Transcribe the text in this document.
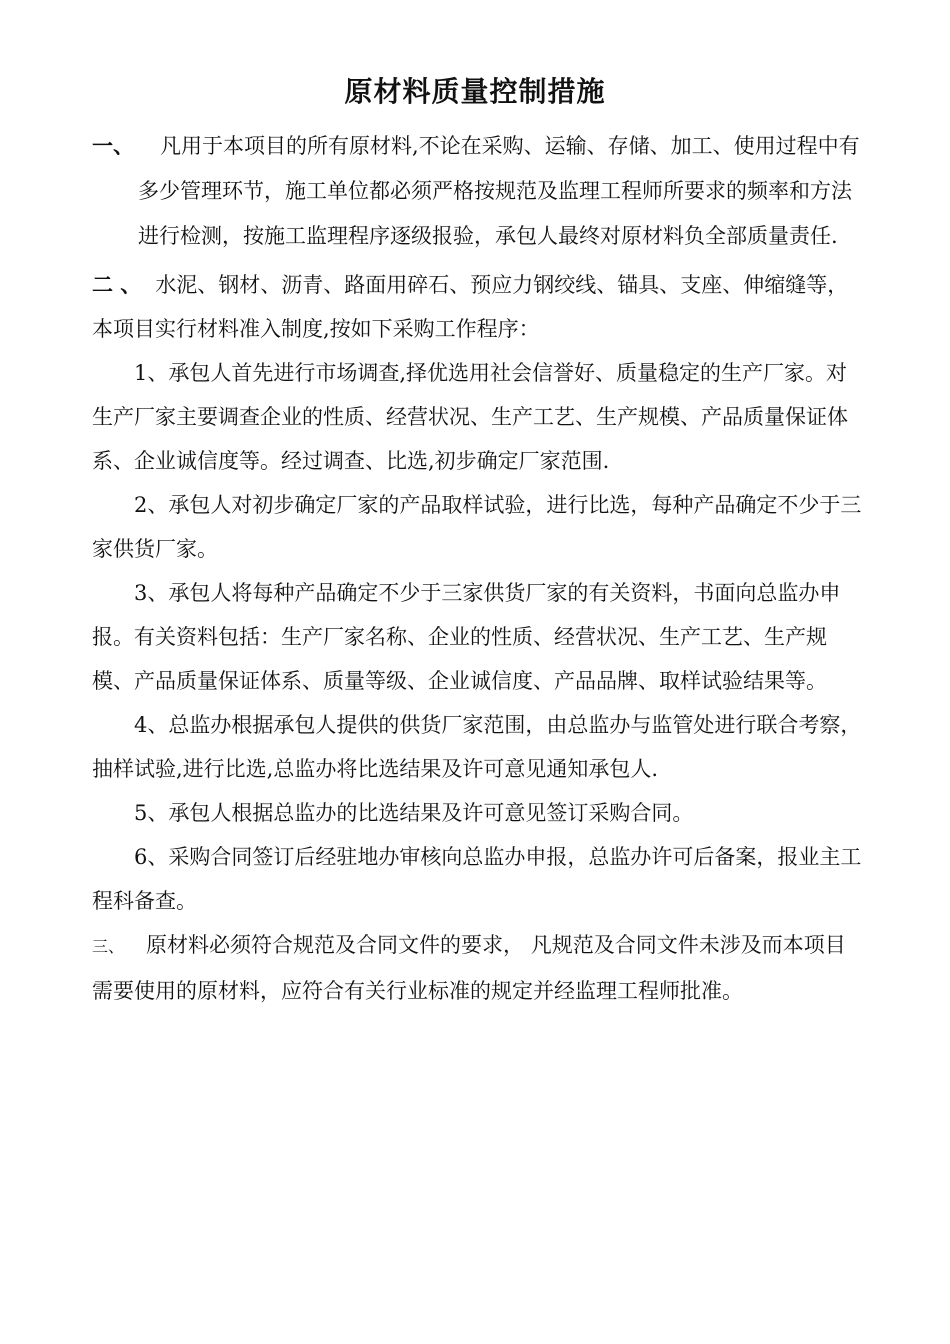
原材料质量控制措施
一、	凡用于本项目的所有原材料,不论在采购、运输、存储、加工、使用过程中有多少管理环节，施工单位都必须严格按规范及监理工程师所要求的频率和方法进行检测，按施工监理程序逐级报验，承包人最终对原材料负全部质量责任.

二 、 水泥、钢材、沥青、路面用碎石、预应力钢绞线、锚具、支座、伸缩缝等，本项目实行材料准入制度,按如下采购工作程序：

1、承包人首先进行市场调查,择优选用社会信誉好、质量稳定的生产厂家。对生产厂家主要调查企业的性质、经营状况、生产工艺、生产规模、产品质量保证体系、企业诚信度等。经过调查、比选,初步确定厂家范围.

2、承包人对初步确定厂家的产品取样试验，进行比选，每种产品确定不少于三家供货厂家。

3、承包人将每种产品确定不少于三家供货厂家的有关资料，书面向总监办申报。有关资料包括：生产厂家名称、企业的性质、经营状况、生产工艺、生产规模、产品质量保证体系、质量等级、企业诚信度、产品品牌、取样试验结果等。

4、总监办根据承包人提供的供货厂家范围，由总监办与监管处进行联合考察，抽样试验,进行比选,总监办将比选结果及许可意见通知承包人.

5、承包人根据总监办的比选结果及许可意见签订采购合同。

6、采购合同签订后经驻地办审核向总监办申报，总监办许可后备案，报业主工程科备查。

三、 原材料必须符合规范及合同文件的要求， 凡规范及合同文件未涉及而本项目需要使用的原材料，应符合有关行业标准的规定并经监理工程师批准。
